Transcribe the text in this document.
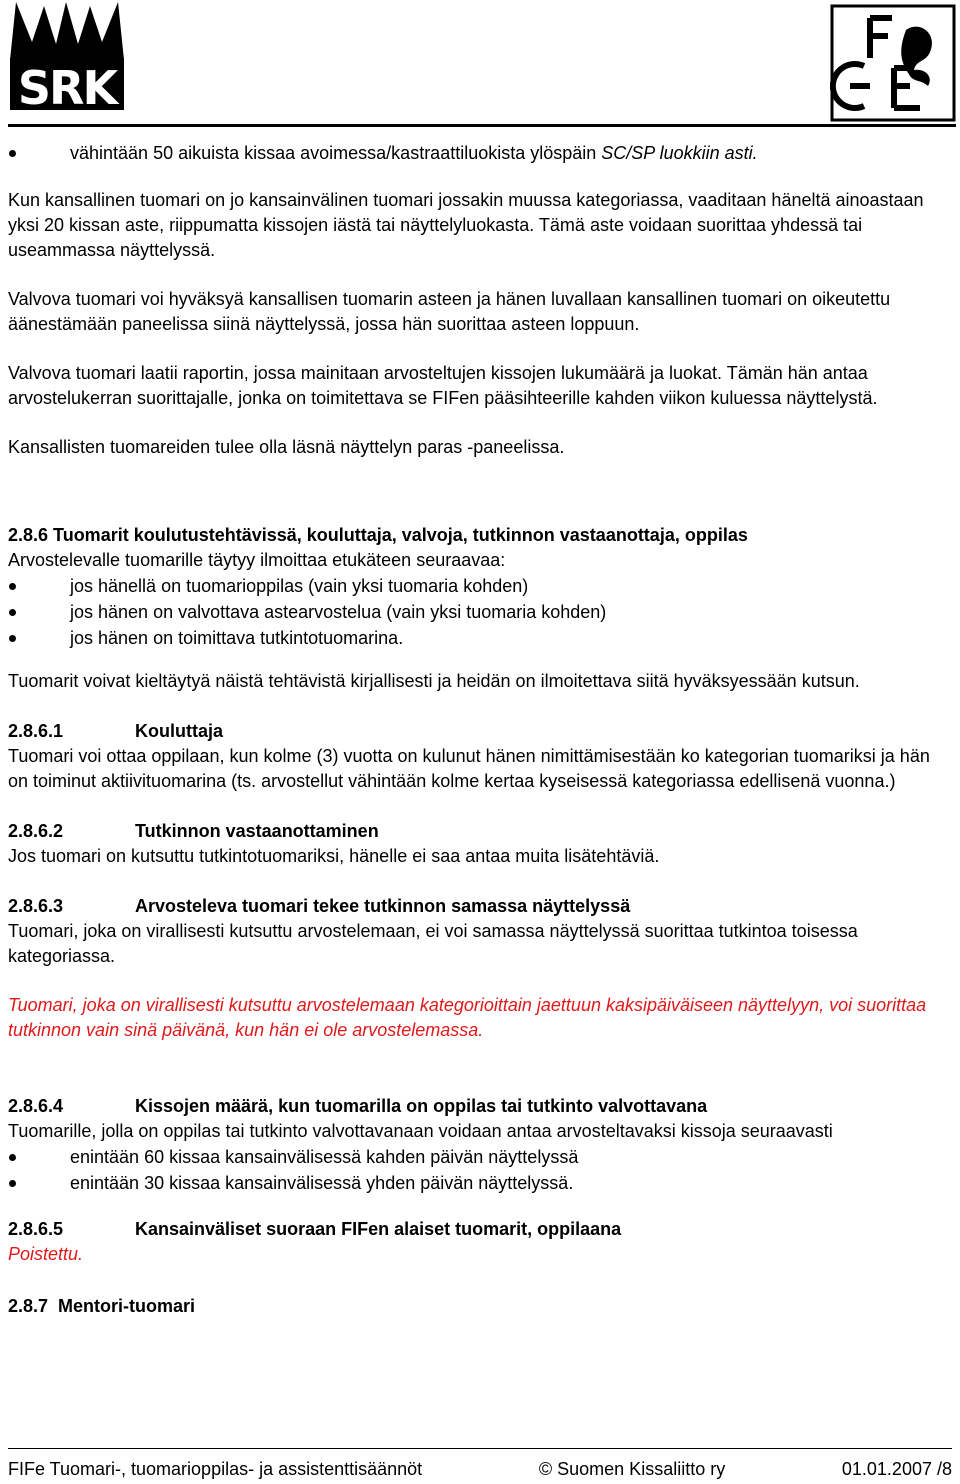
SRK
vähintään 50 aikuista kissaa avoimessa/kastraattiluokista ylöspäin SC/SP luokkiin asti.

Kun kansallinen tuomari on jo kansainvälinen tuomari jossakin muussa kategoriassa, vaaditaan häneltä ainoastaan yksi 20 kissan aste, riippumatta kissojen iästä tai näyttelyluokasta. Tämä aste voidaan suorittaa yhdessä tai useammassa näyttelyssä.

Valvova tuomari voi hyväksyä kansallisen tuomarin asteen ja hänen luvallaan kansallinen tuomari on oikeutettu äänestämään paneelissa siinä näyttelyssä, jossa hän suorittaa asteen loppuun.

Valvova tuomari laatii raportin, jossa mainitaan arvosteltujen kissojen lukumäärä ja luokat. Tämän hän antaa arvostelukerran suorittajalle, jonka on toimitettava se FIFen pääsihteerille kahden viikon kuluessa näyttelystä.

Kansallisten tuomareiden tulee olla läsnä näyttelyn paras -paneelissa.

2.8.6 Tuomarit koulutustehtävissä, kouluttaja, valvoja, tutkinnon vastaanottaja, oppilas

Arvostelevalle tuomarille täytyy ilmoittaa etukäteen seuraavaa:

jos hänellä on tuomarioppilas (vain yksi tuomaria kohden)
jos hänen on valvottava astearvostelua (vain yksi tuomaria kohden)
jos hänen on toimittava tutkintotuomarina.

Tuomarit voivat kieltäytyä näistä tehtävistä kirjallisesti ja heidän on ilmoitettava siitä hyväksyessään kutsun.

2.8.6.1	Kouluttaja

Tuomari voi ottaa oppilaan, kun kolme (3) vuotta on kulunut hänen nimittämisestään ko kategorian tuomariksi ja hän on toiminut aktiivituomarina (ts. arvostellut vähintään kolme kertaa kyseisessä kategoriassa edellisenä vuonna.)

2.8.6.2	Tutkinnon vastaanottaminen

Jos tuomari on kutsuttu tutkintotuomariksi, hänelle ei saa antaa muita lisätehtäviä.

2.8.6.3	Arvosteleva tuomari tekee tutkinnon samassa näyttelyssä

Tuomari, joka on virallisesti kutsuttu arvostelemaan, ei voi samassa näyttelyssä suorittaa tutkintoa toisessa kategoriassa.

Tuomari, joka on virallisesti kutsuttu arvostelemaan kategorioittain jaettuun kaksipäiväiseen näyttelyyn, voi suorittaa tutkinnon vain sinä päivänä, kun hän ei ole arvostelemassa.

2.8.6.4	Kissojen määrä, kun tuomarilla on oppilas tai tutkinto valvottavana

Tuomarille, jolla on oppilas tai tutkinto valvottavanaan voidaan antaa arvosteltavaksi kissoja seuraavasti

enintään 60 kissaa kansainvälisessä kahden päivän näyttelyssä
enintään 30 kissaa kansainvälisessä yhden päivän näyttelyssä.

2.8.6.5	Kansainväliset suoraan FIFen alaiset tuomarit, oppilaana

Poistettu.

2.8.7  Mentori-tuomari

FIFe Tuomari-, tuomarioppilas- ja assistenttisäännöt	© Suomen Kissaliitto ry	01.01.2007 /8
